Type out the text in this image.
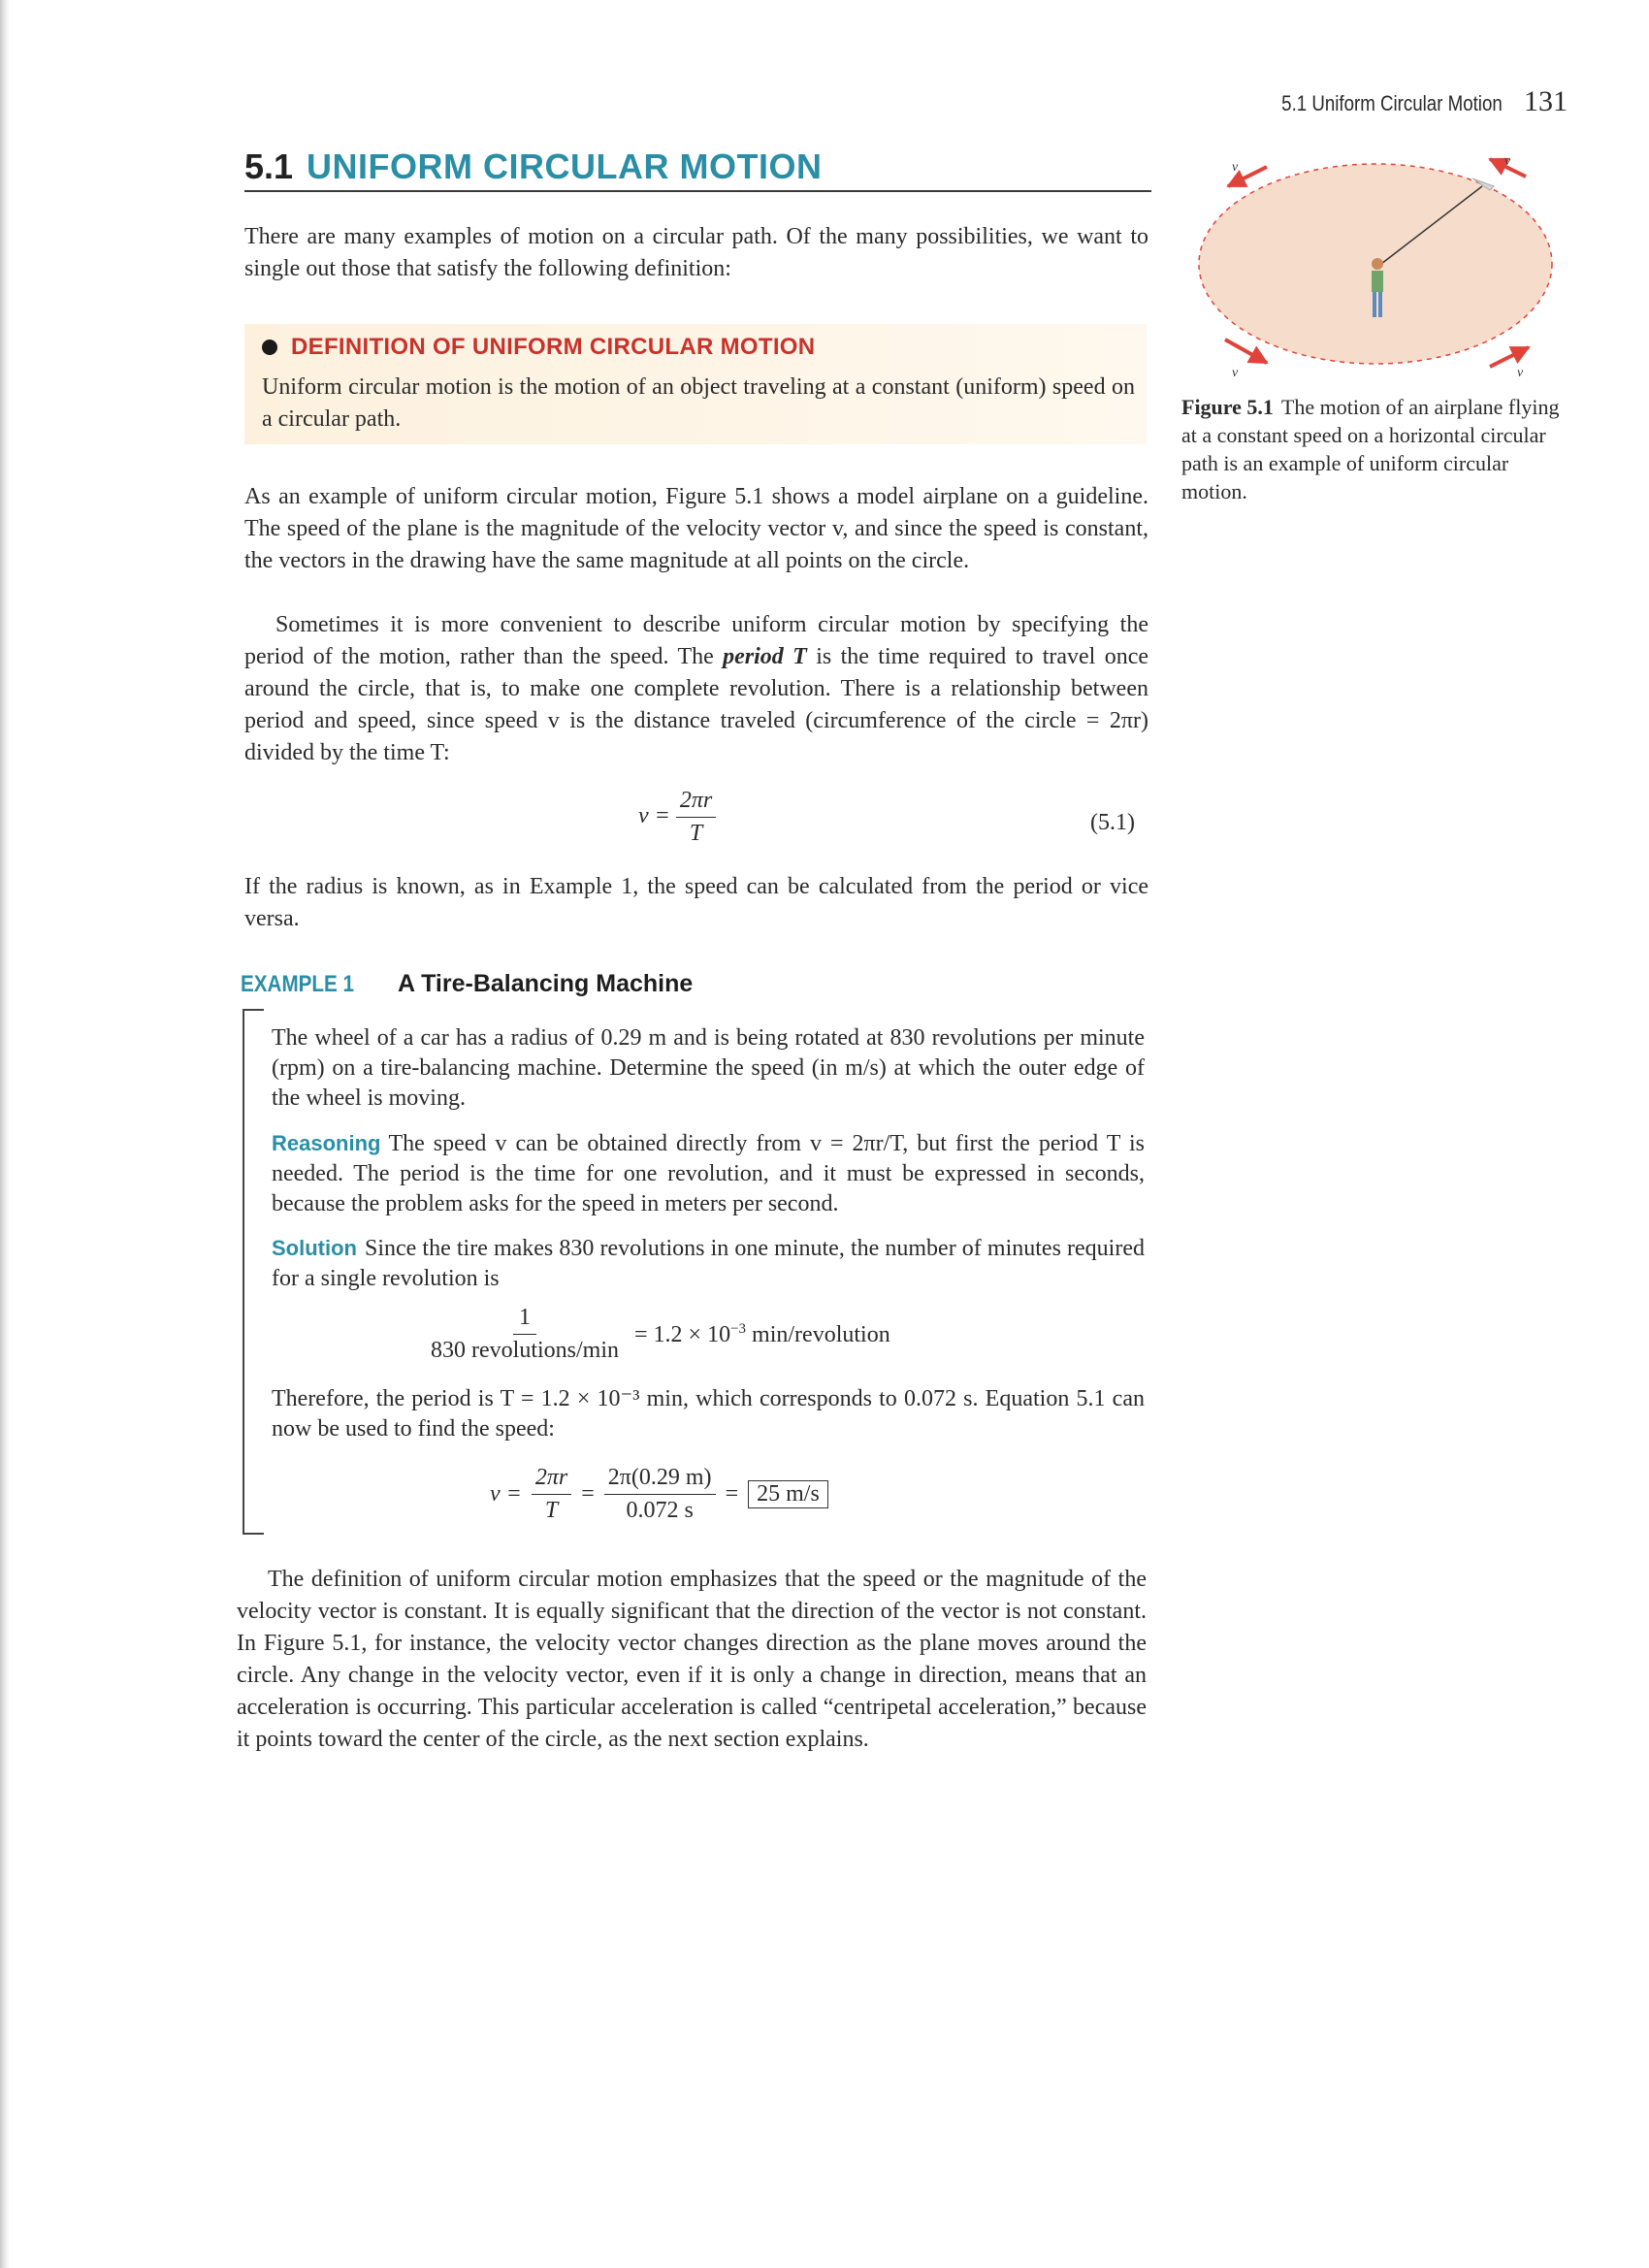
5.1 Uniform Circular Motion 131
5.1 UNIFORM CIRCULAR MOTION
There are many examples of motion on a circular path. Of the many possibilities, we want to single out those that satisfy the following definition:
DEFINITION OF UNIFORM CIRCULAR MOTION
Uniform circular motion is the motion of an object traveling at a constant (uniform) speed on a circular path.
As an example of uniform circular motion, Figure 5.1 shows a model airplane on a guideline. The speed of the plane is the magnitude of the velocity vector v, and since the speed is constant, the vectors in the drawing have the same magnitude at all points on the circle.
Sometimes it is more convenient to describe uniform circular motion by specifying the period of the motion, rather than the speed. The period T is the time required to travel once around the circle, that is, to make one complete revolution. There is a relationship between period and speed, since speed v is the distance traveled (circumference of the circle = 2πr) divided by the time T:
$v = \frac{2\pi r}{T}$	(5.1)
If the radius is known, as in Example 1, the speed can be calculated from the period or vice versa.
EXAMPLE 1 A Tire-Balancing Machine
The wheel of a car has a radius of 0.29 m and is being rotated at 830 revolutions per minute (rpm) on a tire-balancing machine. Determine the speed (in m/s) at which the outer edge of the wheel is moving.
Reasoning The speed v can be obtained directly from v = 2πr/T, but first the period T is needed. The period is the time for one revolution, and it must be expressed in seconds, because the problem asks for the speed in meters per second.
Solution Since the tire makes 830 revolutions in one minute, the number of minutes required for a single revolution is
$\frac{1}{\text{830 revolutions/min}} = 1.2 \times 10^{-3}$ min/revolution
Therefore, the period is T = 1.2 × 10⁻³ min, which corresponds to 0.072 s. Equation 5.1 can now be used to find the speed:
$v = \frac{2\pi r}{T} = \frac{2\pi(0.29 m)}{0.072 s} = 25$ m/s
The definition of uniform circular motion emphasizes that the speed or the magnitude of the velocity vector is constant. It is equally significant that the direction of the vector is not constant. In Figure 5.1, for instance, the velocity vector changes direction as the plane moves around the circle. Any change in the velocity vector, even if it is only a change in direction, means that an acceleration is occurring. This particular acceleration is called “centripetal acceleration,” because it points toward the center of the circle, as the next section explains.
v	v
v	v
Figure 5.1 The motion of an airplane flying at a constant speed on a horizontal circular path is an example of uniform circular motion.
